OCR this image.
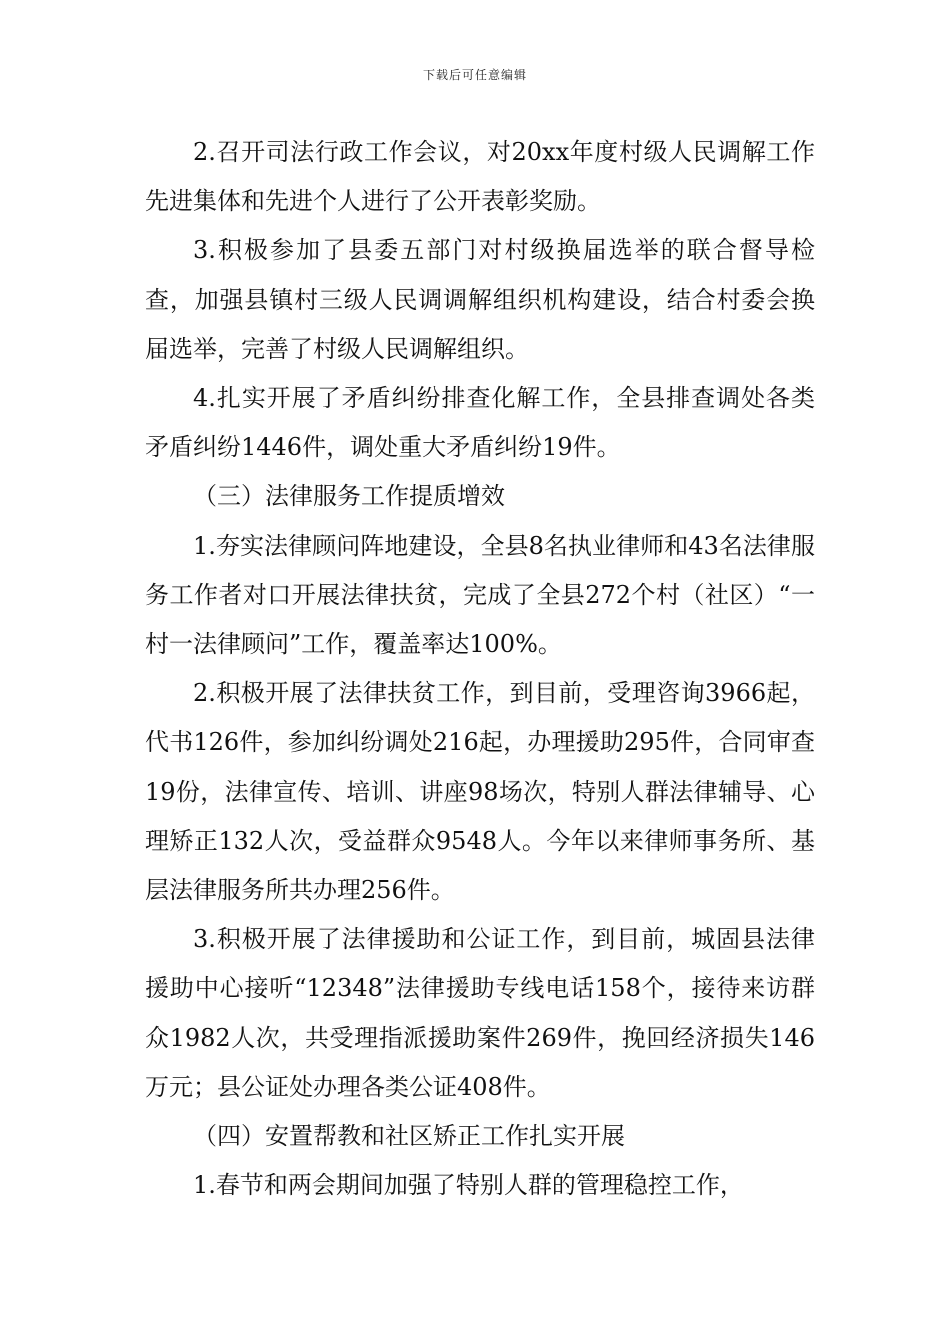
下载后可任意编辑

2.召开司法行政工作会议，对20xx年度村级人民调解工作先进集体和先进个人进行了公开表彰奖励。

3.积极参加了县委五部门对村级换届选举的联合督导检查，加强县镇村三级人民调调解组织机构建设，结合村委会换届选举，完善了村级人民调解组织。

4.扎实开展了矛盾纠纷排查化解工作，全县排查调处各类矛盾纠纷1446件，调处重大矛盾纠纷19件。

（三）法律服务工作提质增效

1.夯实法律顾问阵地建设，全县8名执业律师和43名法律服务工作者对口开展法律扶贫，完成了全县272个村（社区）“一村一法律顾问”工作，覆盖率达100%。

2.积极开展了法律扶贫工作，到目前，受理咨询3966起，代书126件，参加纠纷调处216起，办理援助295件，合同审查19份，法律宣传、培训、讲座98场次，特别人群法律辅导、心理矫正132人次，受益群众9548人。今年以来律师事务所、基层法律服务所共办理256件。

3.积极开展了法律援助和公证工作，到目前，城固县法律援助中心接听“12348”法律援助专线电话158个，接待来访群众1982人次，共受理指派援助案件269件，挽回经济损失146万元；县公证处办理各类公证408件。

（四）安置帮教和社区矫正工作扎实开展

1.春节和两会期间加强了特别人群的管理稳控工作，
